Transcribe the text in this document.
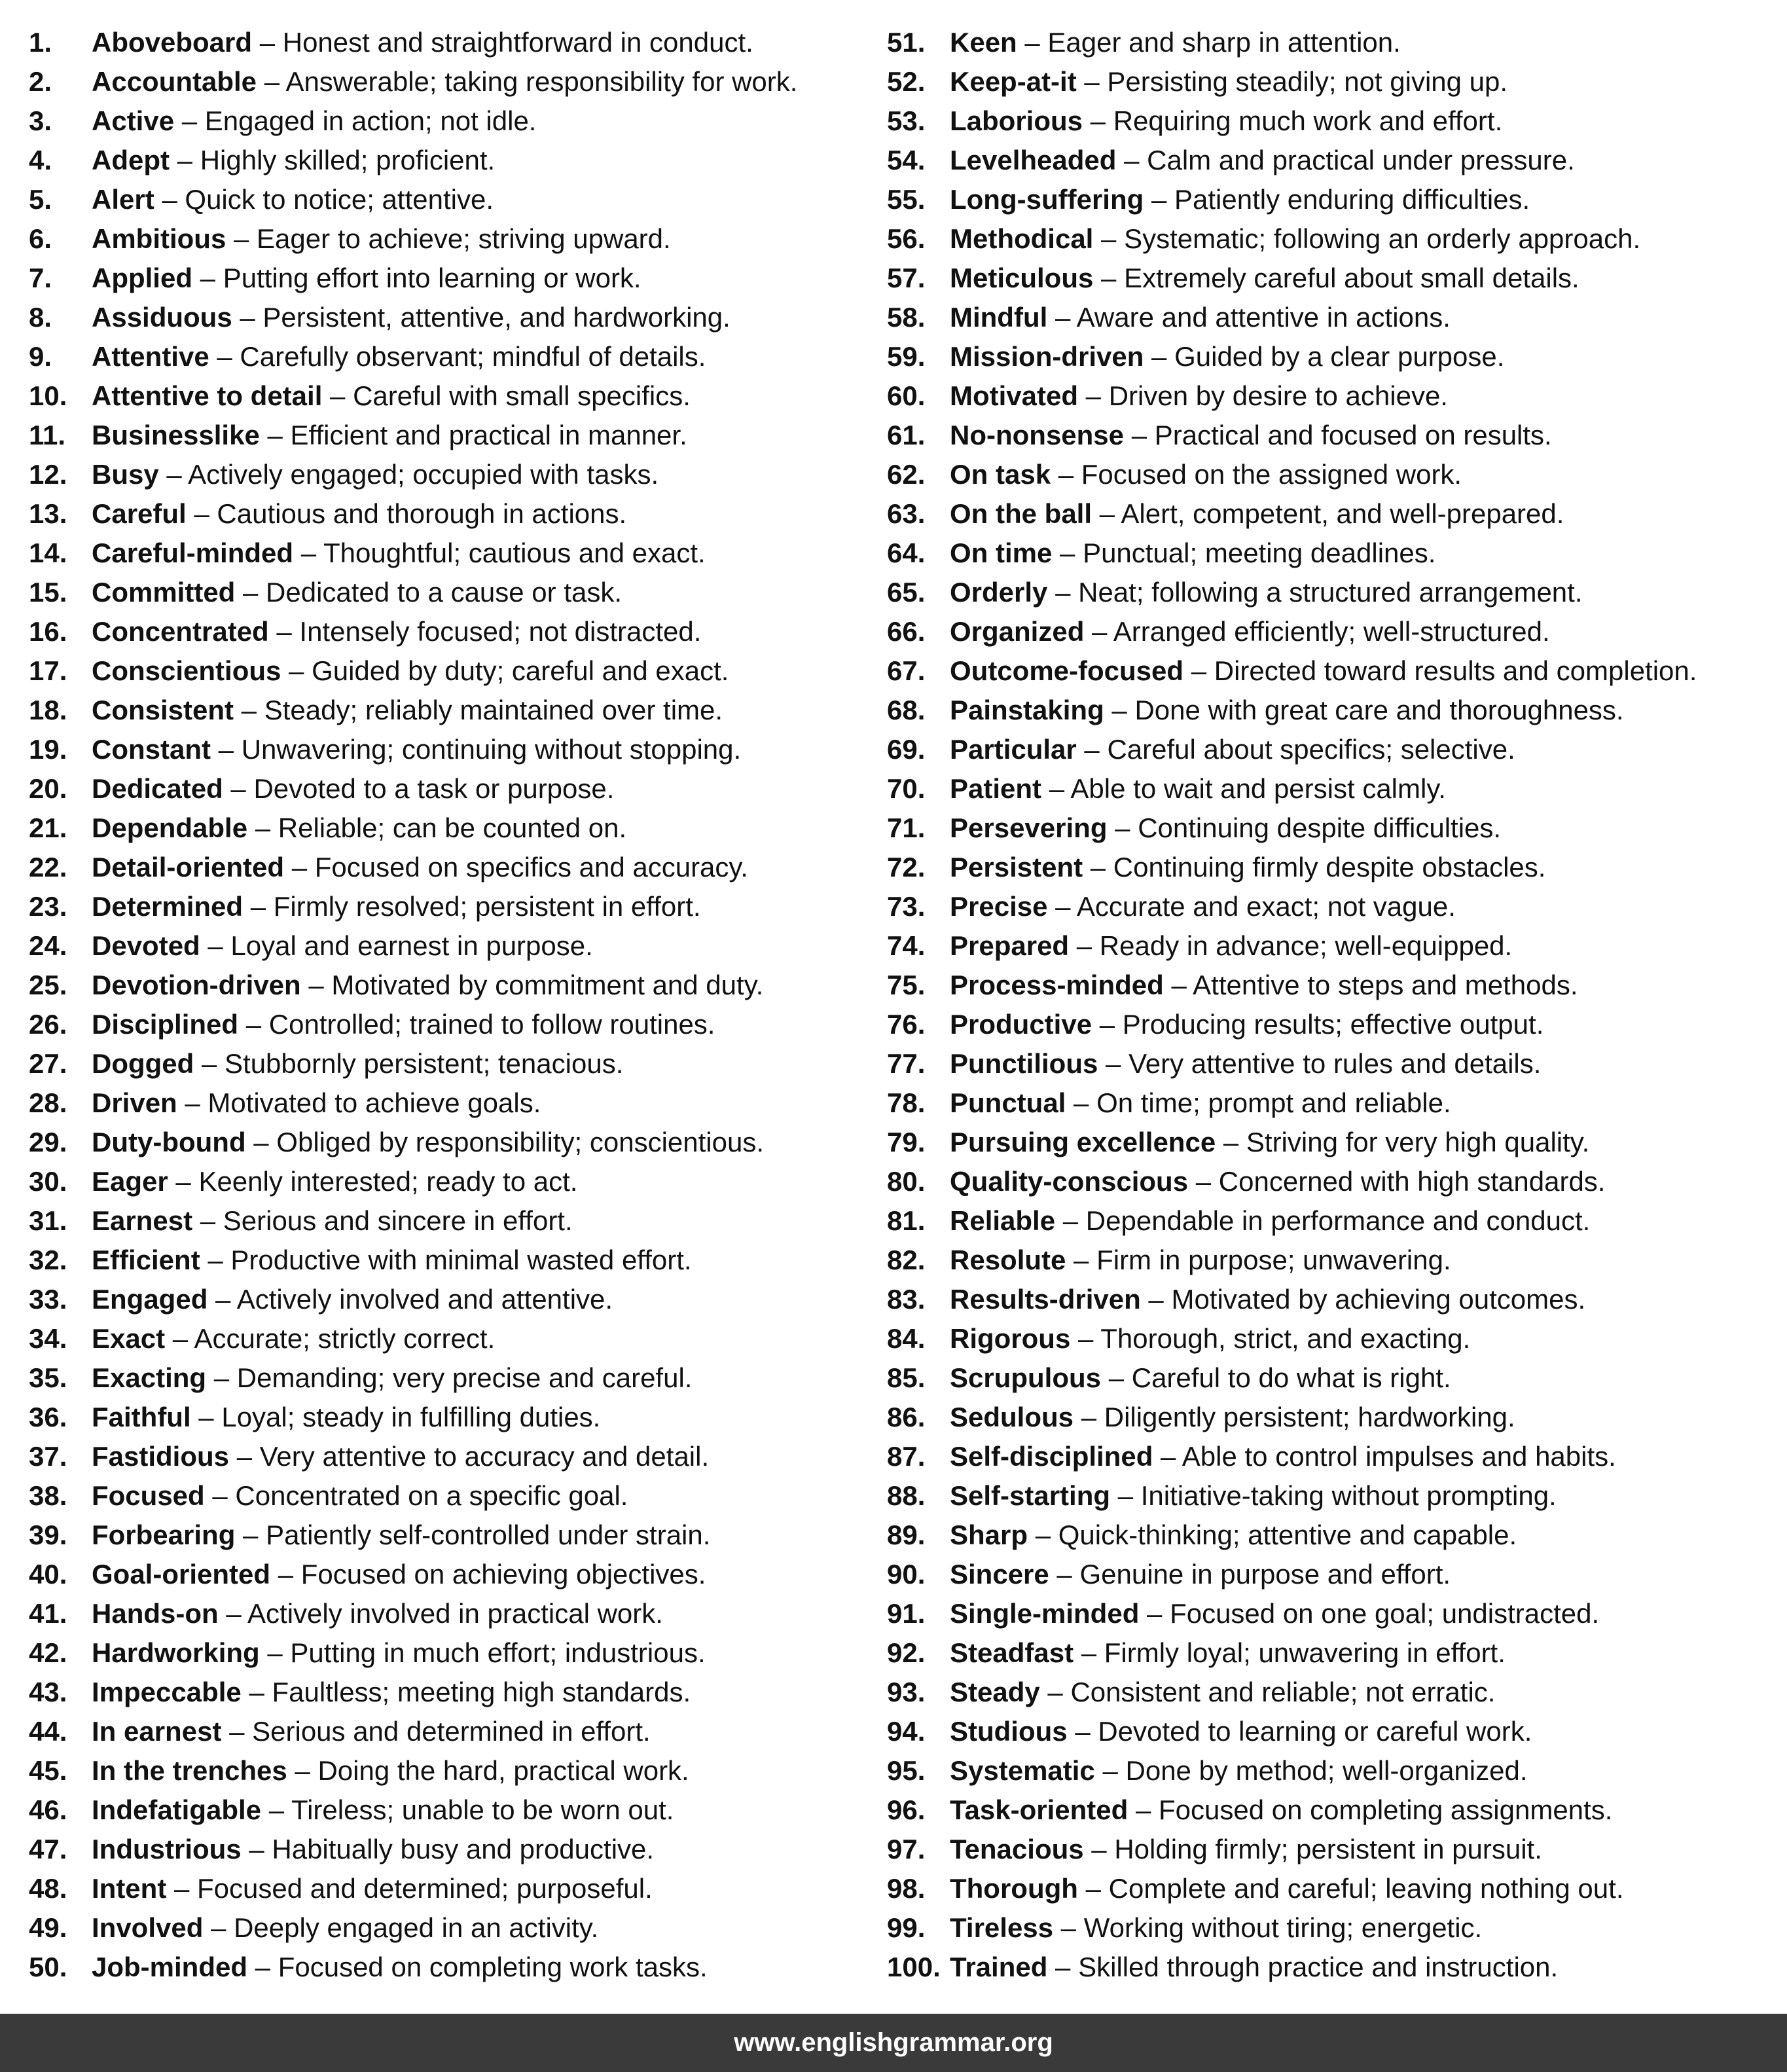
1. Aboveboard – Honest and straightforward in conduct.
2. Accountable – Answerable; taking responsibility for work.
3. Active – Engaged in action; not idle.
4. Adept – Highly skilled; proficient.
5. Alert – Quick to notice; attentive.
6. Ambitious – Eager to achieve; striving upward.
7. Applied – Putting effort into learning or work.
8. Assiduous – Persistent, attentive, and hardworking.
9. Attentive – Carefully observant; mindful of details.
10. Attentive to detail – Careful with small specifics.
11. Businesslike – Efficient and practical in manner.
12. Busy – Actively engaged; occupied with tasks.
13. Careful – Cautious and thorough in actions.
14. Careful-minded – Thoughtful; cautious and exact.
15. Committed – Dedicated to a cause or task.
16. Concentrated – Intensely focused; not distracted.
17. Conscientious – Guided by duty; careful and exact.
18. Consistent – Steady; reliably maintained over time.
19. Constant – Unwavering; continuing without stopping.
20. Dedicated – Devoted to a task or purpose.
21. Dependable – Reliable; can be counted on.
22. Detail-oriented – Focused on specifics and accuracy.
23. Determined – Firmly resolved; persistent in effort.
24. Devoted – Loyal and earnest in purpose.
25. Devotion-driven – Motivated by commitment and duty.
26. Disciplined – Controlled; trained to follow routines.
27. Dogged – Stubbornly persistent; tenacious.
28. Driven – Motivated to achieve goals.
29. Duty-bound – Obliged by responsibility; conscientious.
30. Eager – Keenly interested; ready to act.
31. Earnest – Serious and sincere in effort.
32. Efficient – Productive with minimal wasted effort.
33. Engaged – Actively involved and attentive.
34. Exact – Accurate; strictly correct.
35. Exacting – Demanding; very precise and careful.
36. Faithful – Loyal; steady in fulfilling duties.
37. Fastidious – Very attentive to accuracy and detail.
38. Focused – Concentrated on a specific goal.
39. Forbearing – Patiently self-controlled under strain.
40. Goal-oriented – Focused on achieving objectives.
41. Hands-on – Actively involved in practical work.
42. Hardworking – Putting in much effort; industrious.
43. Impeccable – Faultless; meeting high standards.
44. In earnest – Serious and determined in effort.
45. In the trenches – Doing the hard, practical work.
46. Indefatigable – Tireless; unable to be worn out.
47. Industrious – Habitually busy and productive.
48. Intent – Focused and determined; purposeful.
49. Involved – Deeply engaged in an activity.
50. Job-minded – Focused on completing work tasks.
51. Keen – Eager and sharp in attention.
52. Keep-at-it – Persisting steadily; not giving up.
53. Laborious – Requiring much work and effort.
54. Levelheaded – Calm and practical under pressure.
55. Long-suffering – Patiently enduring difficulties.
56. Methodical – Systematic; following an orderly approach.
57. Meticulous – Extremely careful about small details.
58. Mindful – Aware and attentive in actions.
59. Mission-driven – Guided by a clear purpose.
60. Motivated – Driven by desire to achieve.
61. No-nonsense – Practical and focused on results.
62. On task – Focused on the assigned work.
63. On the ball – Alert, competent, and well-prepared.
64. On time – Punctual; meeting deadlines.
65. Orderly – Neat; following a structured arrangement.
66. Organized – Arranged efficiently; well-structured.
67. Outcome-focused – Directed toward results and completion.
68. Painstaking – Done with great care and thoroughness.
69. Particular – Careful about specifics; selective.
70. Patient – Able to wait and persist calmly.
71. Persevering – Continuing despite difficulties.
72. Persistent – Continuing firmly despite obstacles.
73. Precise – Accurate and exact; not vague.
74. Prepared – Ready in advance; well-equipped.
75. Process-minded – Attentive to steps and methods.
76. Productive – Producing results; effective output.
77. Punctilious – Very attentive to rules and details.
78. Punctual – On time; prompt and reliable.
79. Pursuing excellence – Striving for very high quality.
80. Quality-conscious – Concerned with high standards.
81. Reliable – Dependable in performance and conduct.
82. Resolute – Firm in purpose; unwavering.
83. Results-driven – Motivated by achieving outcomes.
84. Rigorous – Thorough, strict, and exacting.
85. Scrupulous – Careful to do what is right.
86. Sedulous – Diligently persistent; hardworking.
87. Self-disciplined – Able to control impulses and habits.
88. Self-starting – Initiative-taking without prompting.
89. Sharp – Quick-thinking; attentive and capable.
90. Sincere – Genuine in purpose and effort.
91. Single-minded – Focused on one goal; undistracted.
92. Steadfast – Firmly loyal; unwavering in effort.
93. Steady – Consistent and reliable; not erratic.
94. Studious – Devoted to learning or careful work.
95. Systematic – Done by method; well-organized.
96. Task-oriented – Focused on completing assignments.
97. Tenacious – Holding firmly; persistent in pursuit.
98. Thorough – Complete and careful; leaving nothing out.
99. Tireless – Working without tiring; energetic.
100. Trained – Skilled through practice and instruction.
www.englishgrammar.org
